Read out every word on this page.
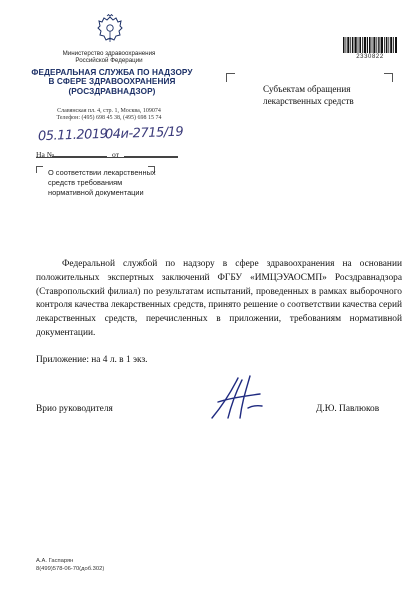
Министерство здравоохранения
Российской Федерации
ФЕДЕРАЛЬНАЯ СЛУЖБА ПО НАДЗОРУ
В СФЕРЕ ЗДРАВООХРАНЕНИЯ
(РОСЗДРАВНАДЗОР)
Славянская пл. 4, стр. 1, Москва, 109074
Телефон: (495) 698 45 38, (495) 698 15 74
2330822
Субъектам обращения
лекарственных средств
05.11.2019
04и-2715/19
На №	от
О соответствии лекарственных
средств требованиям
нормативной документации

Федеральной службой по надзору в сфере здравоохранения на основании положительных экспертных заключений ФГБУ «ИМЦЭУАОСМП» Росздравнадзора (Ставропольский филиал) по результатам испытаний, проведенных в рамках выборочного контроля качества лекарственных средств, принято решение о соответствии качества серий лекарственных средств, перечисленных в приложении, требованиям нормативной документации.

Приложение: на 4 л. в 1 экз.
Врио руководителя	Д.Ю. Павлюков
А.А. Гаспарян
8(499)578-06-70(доб.302)
